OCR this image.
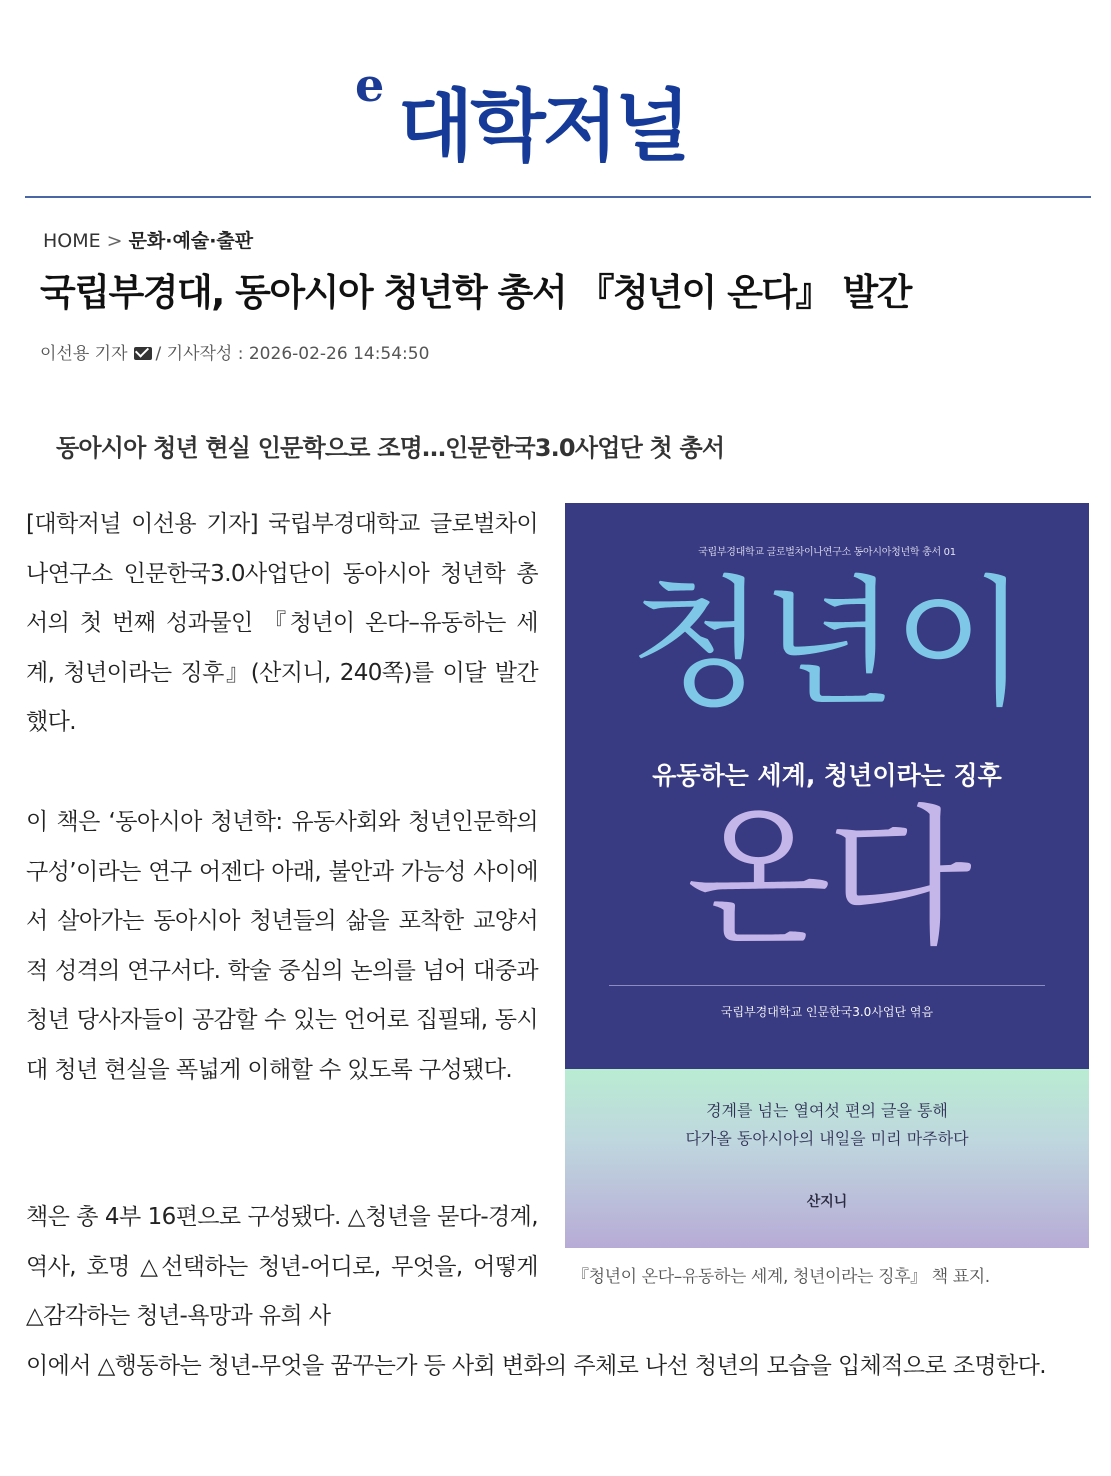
e 대학저널
HOME > 문화·예술·출판
국립부경대, 동아시아 청년학 총서 『청년이 온다』 발간
이선용 기자 / 기사작성 : 2026-02-26 14:54:50
동아시아 청년 현실 인문학으로 조명…인문한국3.0사업단 첫 총서
[대학저널 이선용 기자] 국립부경대학교 글로벌차이나연구소 인문한국3.0사업단이 동아시아 청년학 총서의 첫 번째 성과물인 『청년이 온다–유동하는 세계, 청년이라는 징후』(산지니, 240쪽)를 이달 발간했다.
이 책은 ‘동아시아 청년학: 유동사회와 청년인문학의 구성’이라는 연구 어젠다 아래, 불안과 가능성 사이에서 살아가는 동아시아 청년들의 삶을 포착한 교양서적 성격의 연구서다. 학술 중심의 논의를 넘어 대중과 청년 당사자들이 공감할 수 있는 언어로 집필돼, 동시대 청년 현실을 폭넓게 이해할 수 있도록 구성됐다.
책은 총 4부 16편으로 구성됐다. △청년을 묻다-경계, 역사, 호명 △선택하는 청년-어디로, 무엇을, 어떻게 △감각하는 청년-욕망과 유희 사
이에서 △행동하는 청년-무엇을 꿈꾸는가 등 사회 변화의 주체로 나선 청년의 모습을 입체적으로 조명한다.
국립부경대학교 글로벌차이나연구소 동아시아청년학 총서 01
청년이
유동하는 세계, 청년이라는 징후
온다
국립부경대학교 인문한국3.0사업단 엮음
경계를 넘는 열여섯 편의 글을 통해
다가올 동아시아의 내일을 미리 마주하다
산지니
『청년이 온다–유동하는 세계, 청년이라는 징후』 책 표지.
